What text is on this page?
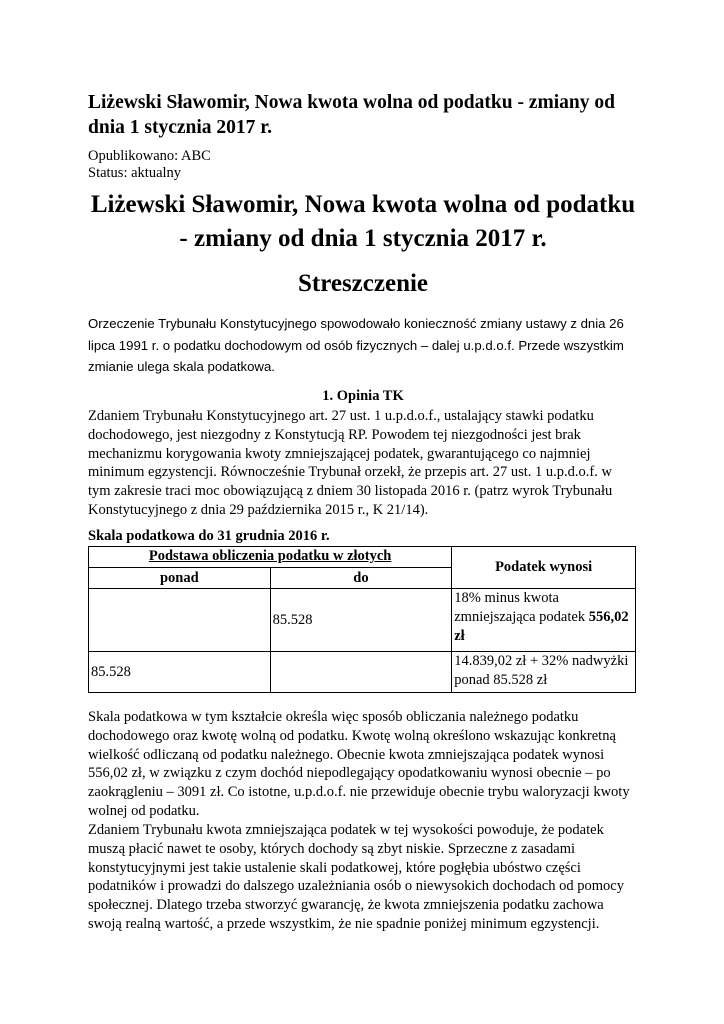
Liżewski Sławomir, Nowa kwota wolna od podatku - zmiany od dnia 1 stycznia 2017 r.
Opublikowano: ABC
Status: aktualny
Liżewski Sławomir, Nowa kwota wolna od podatku - zmiany od dnia 1 stycznia 2017 r.
Streszczenie

Orzeczenie Trybunału Konstytucyjnego spowodowało konieczność zmiany ustawy z dnia 26 lipca 1991 r. o podatku dochodowym od osób fizycznych – dalej u.p.d.o.f. Przede wszystkim zmianie ulega skala podatkowa.

1. Opinia TK

Zdaniem Trybunału Konstytucyjnego art. 27 ust. 1 u.p.d.o.f., ustalający stawki podatku dochodowego, jest niezgodny z Konstytucją RP. Powodem tej niezgodności jest brak mechanizmu korygowania kwoty zmniejszającej podatek, gwarantującego co najmniej minimum egzystencji. Równocześnie Trybunał orzekł, że przepis art. 27 ust. 1 u.p.d.o.f. w tym zakresie traci moc obowiązującą z dniem 30 listopada 2016 r. (patrz wyrok Trybunału Konstytucyjnego z dnia 29 października 2015 r., K 21/14).

Skala podatkowa do 31 grudnia 2016 r.

Podstawa obliczenia podatku w złotych		Podatek wynosi
ponad	do	
	85.528	18% minus kwota zmniejszająca podatek 556,02 zł
85.528		14.839,02 zł + 32% nadwyżki ponad 85.528 zł

Skala podatkowa w tym kształcie określa więc sposób obliczania należnego podatku dochodowego oraz kwotę wolną od podatku. Kwotę wolną określono wskazując konkretną wielkość odliczaną od podatku należnego. Obecnie kwota zmniejszająca podatek wynosi 556,02 zł, w związku z czym dochód niepodlegający opodatkowaniu wynosi obecnie – po zaokrągleniu – 3091 zł. Co istotne, u.p.d.o.f. nie przewiduje obecnie trybu waloryzacji kwoty wolnej od podatku.

Zdaniem Trybunału kwota zmniejszająca podatek w tej wysokości powoduje, że podatek muszą płacić nawet te osoby, których dochody są zbyt niskie. Sprzeczne z zasadami konstytucyjnymi jest takie ustalenie skali podatkowej, które pogłębia ubóstwo części podatników i prowadzi do dalszego uzależniania osób o niewysokich dochodach od pomocy społecznej. Dlatego trzeba stworzyć gwarancję, że kwota zmniejszenia podatku zachowa swoją realną wartość, a przede wszystkim, że nie spadnie poniżej minimum egzystencji.
